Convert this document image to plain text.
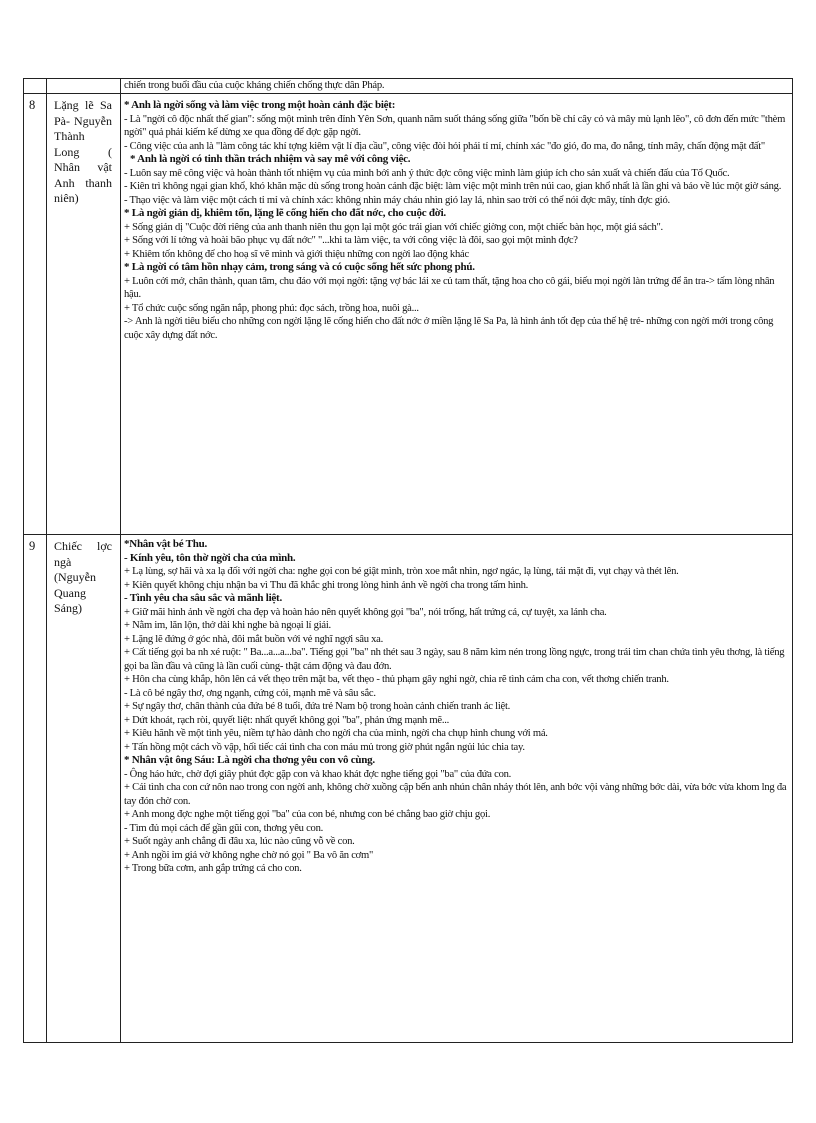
chiến trong buổi đầu của cuộc kháng chiến chống thực dân Pháp.
8 Lặng lẽ Sa Pà- Nguyễn Thành Long ( Nhân vật Anh thanh niên)
* Anh là ngời sống và làm việc trong một hoàn cảnh đặc biệt:
- Là "ngời cô độc nhất thế gian": sống một mình trên đỉnh Yên Sơn, quanh năm suốt tháng sống giữa "bốn bề chỉ cây cỏ và mây mù lạnh lẽo", cô đơn đến mức "thèm ngời" quả phải kiếm kế dừng xe qua đồng để đợc gặp ngời.
- Công việc của anh là "làm công tác khí tợng kiêm vật lí địa cầu", công việc đòi hỏi phải tỉ mỉ, chính xác "đo gió, đo ma, đo nắng, tính mây, chấn động mặt đất"
* Anh là ngời có tinh thần trách nhiệm và say mê với công việc.
- Luôn say mê công việc và hoàn thành tốt nhiệm vụ của mình bởi anh ý thức đợc công việc mình làm giúp ích cho sản xuất và chiến đấu của Tổ Quốc.
- Kiên trì không ngại gian khổ, khó khăn mặc dù sống trong hoàn cảnh đặc biệt: làm việc một mình trên núi cao, gian khổ nhất là lần ghi và báo về lúc một giờ sáng.
- Thạo việc và làm việc một cách tỉ mỉ và chính xác: không nhìn máy cháu nhìn gió lay lá, nhìn sao trời có thể nói đợc mây, tính đợc gió.
* Là ngời giản dị, khiêm tốn, lặng lẽ cống hiến cho đất nớc, cho cuộc đời.
+ Sống giản dị "Cuộc đời riêng của anh thanh niên thu gọn lại một góc trái gian với chiếc giờng con, một chiếc bàn học, một giá sách".
+ Sống với lí tởng và hoài bão phục vụ đất nớc" "...khi ta làm việc, ta với công việc là đôi, sao gọi một mình đợc?
+ Khiêm tốn không để cho hoạ sĩ vẽ mình và giới thiệu những con ngời lao động khác
* Là ngời có tâm hồn nhạy cảm, trong sáng và có cuộc sống hết sức phong phú.
+ Luôn cởi mở, chân thành, quan tâm, chu đáo với mọi ngời: tặng vợ bác lái xe củ tam thất, tặng hoa cho cô gái, biếu mọi ngời làn trứng để ăn tra-> tấm lòng nhân hậu.
+ Tổ chức cuộc sống ngăn nắp, phong phú: đọc sách, trồng hoa, nuôi gà...
-> Anh là ngời tiêu biểu cho những con ngời lặng lẽ cống hiến cho đất nớc ở miền lặng lẽ Sa Pa, là hình ảnh tốt đẹp của thế hệ trẻ- những con ngời mới trong công cuộc xây dựng đất nớc.
9 Chiếc lợc ngà (Nguyễn Quang Sáng)
*Nhân vật bé Thu.
- Kính yêu, tôn thờ ngời cha của mình.
+ Lạ lùng, sợ hãi và xa lạ đối với ngời cha: nghe gọi con bé giật mình, tròn xoe mắt nhìn, ngơ ngác, lạ lùng, tái mặt đi, vụt chạy và thét lên.
+ Kiên quyết không chịu nhận ba vì Thu đã khắc ghi trong lòng hình ảnh về ngời cha trong tấm hình.
- Tình yêu cha sâu sắc và mãnh liệt.
+ Giữ mãi hình ảnh về ngời cha đẹp và hoàn hảo nên quyết không gọi "ba", nói trống, hất trứng cá, cự tuyệt, xa lánh cha.
+ Nằm im, lăn lộn, thở dài khi nghe bà ngoại lí giải.
+ Lặng lẽ đứng ở góc nhà, đôi mắt buồn với vẻ nghĩ ngợi sâu xa.
+ Cất tiếng gọi ba nh xé ruột: " Ba...a...a...ba". Tiếng gọi "ba" nh thét sau 3 ngày, sau 8 năm kìm nén trong lồng ngực, trong trái tim chan chứa tình yêu thơng, là tiếng gọi ba lần đầu và cũng là lần cuối cùng- thật cảm động và đau đớn.
+ Hôn cha cùng khắp, hôn lên cả vết thẹo trên mặt ba, vết thẹo - thủ phạm gây nghi ngờ, chia rẽ tình cảm cha con, vết thơng chiến tranh.
- Là cô bé ngây thơ, ơng ngạnh, cứng cỏi, mạnh mẽ và sâu sắc.
+ Sự ngây thơ, chân thành của đứa bé 8 tuổi, đứa trẻ Nam bộ trong hoàn cảnh chiến tranh ác liệt.
+ Dứt khoát, rạch ròi, quyết liệt: nhất quyết không gọi "ba", phản ứng mạnh mẽ...
+ Kiêu hãnh về một tình yêu, niềm tự hào dành cho ngời cha của mình, ngời cha chụp hình chung với má.
+ Tấn hồng một cách vồ vập, hối tiếc cái tình cha con máu mủ trong giờ phút ngắn ngủi lúc chia tay.
* Nhân vật ông Sáu: Là ngời cha thơng yêu con vô cùng.
- Ông háo hức, chờ đợi giây phút đợc gặp con và khao khát đợc nghe tiếng gọi "ba" của đứa con.
+ Cái tình cha con cứ nôn nao trong con ngời anh, không chờ xuồng cập bến anh nhún chân nhảy thót lên, anh bớc vội vàng những bớc dài, vừa bớc vừa khom lng đa tay đón chờ con.
+ Anh mong đợc nghe một tiếng gọi "ba" của con bé, nhưng con bé chẳng bao giờ chịu gọi.
- Tìm đủ mọi cách để gần gũi con, thơng yêu con.
+ Suốt ngày anh chẳng đi đâu xa, lúc nào cũng vỗ về con.
+ Anh ngồi im giả vờ không nghe chờ nó gọi " Ba vô ăn cơm"
+ Trong bữa cơm, anh gắp trứng cá cho con.
